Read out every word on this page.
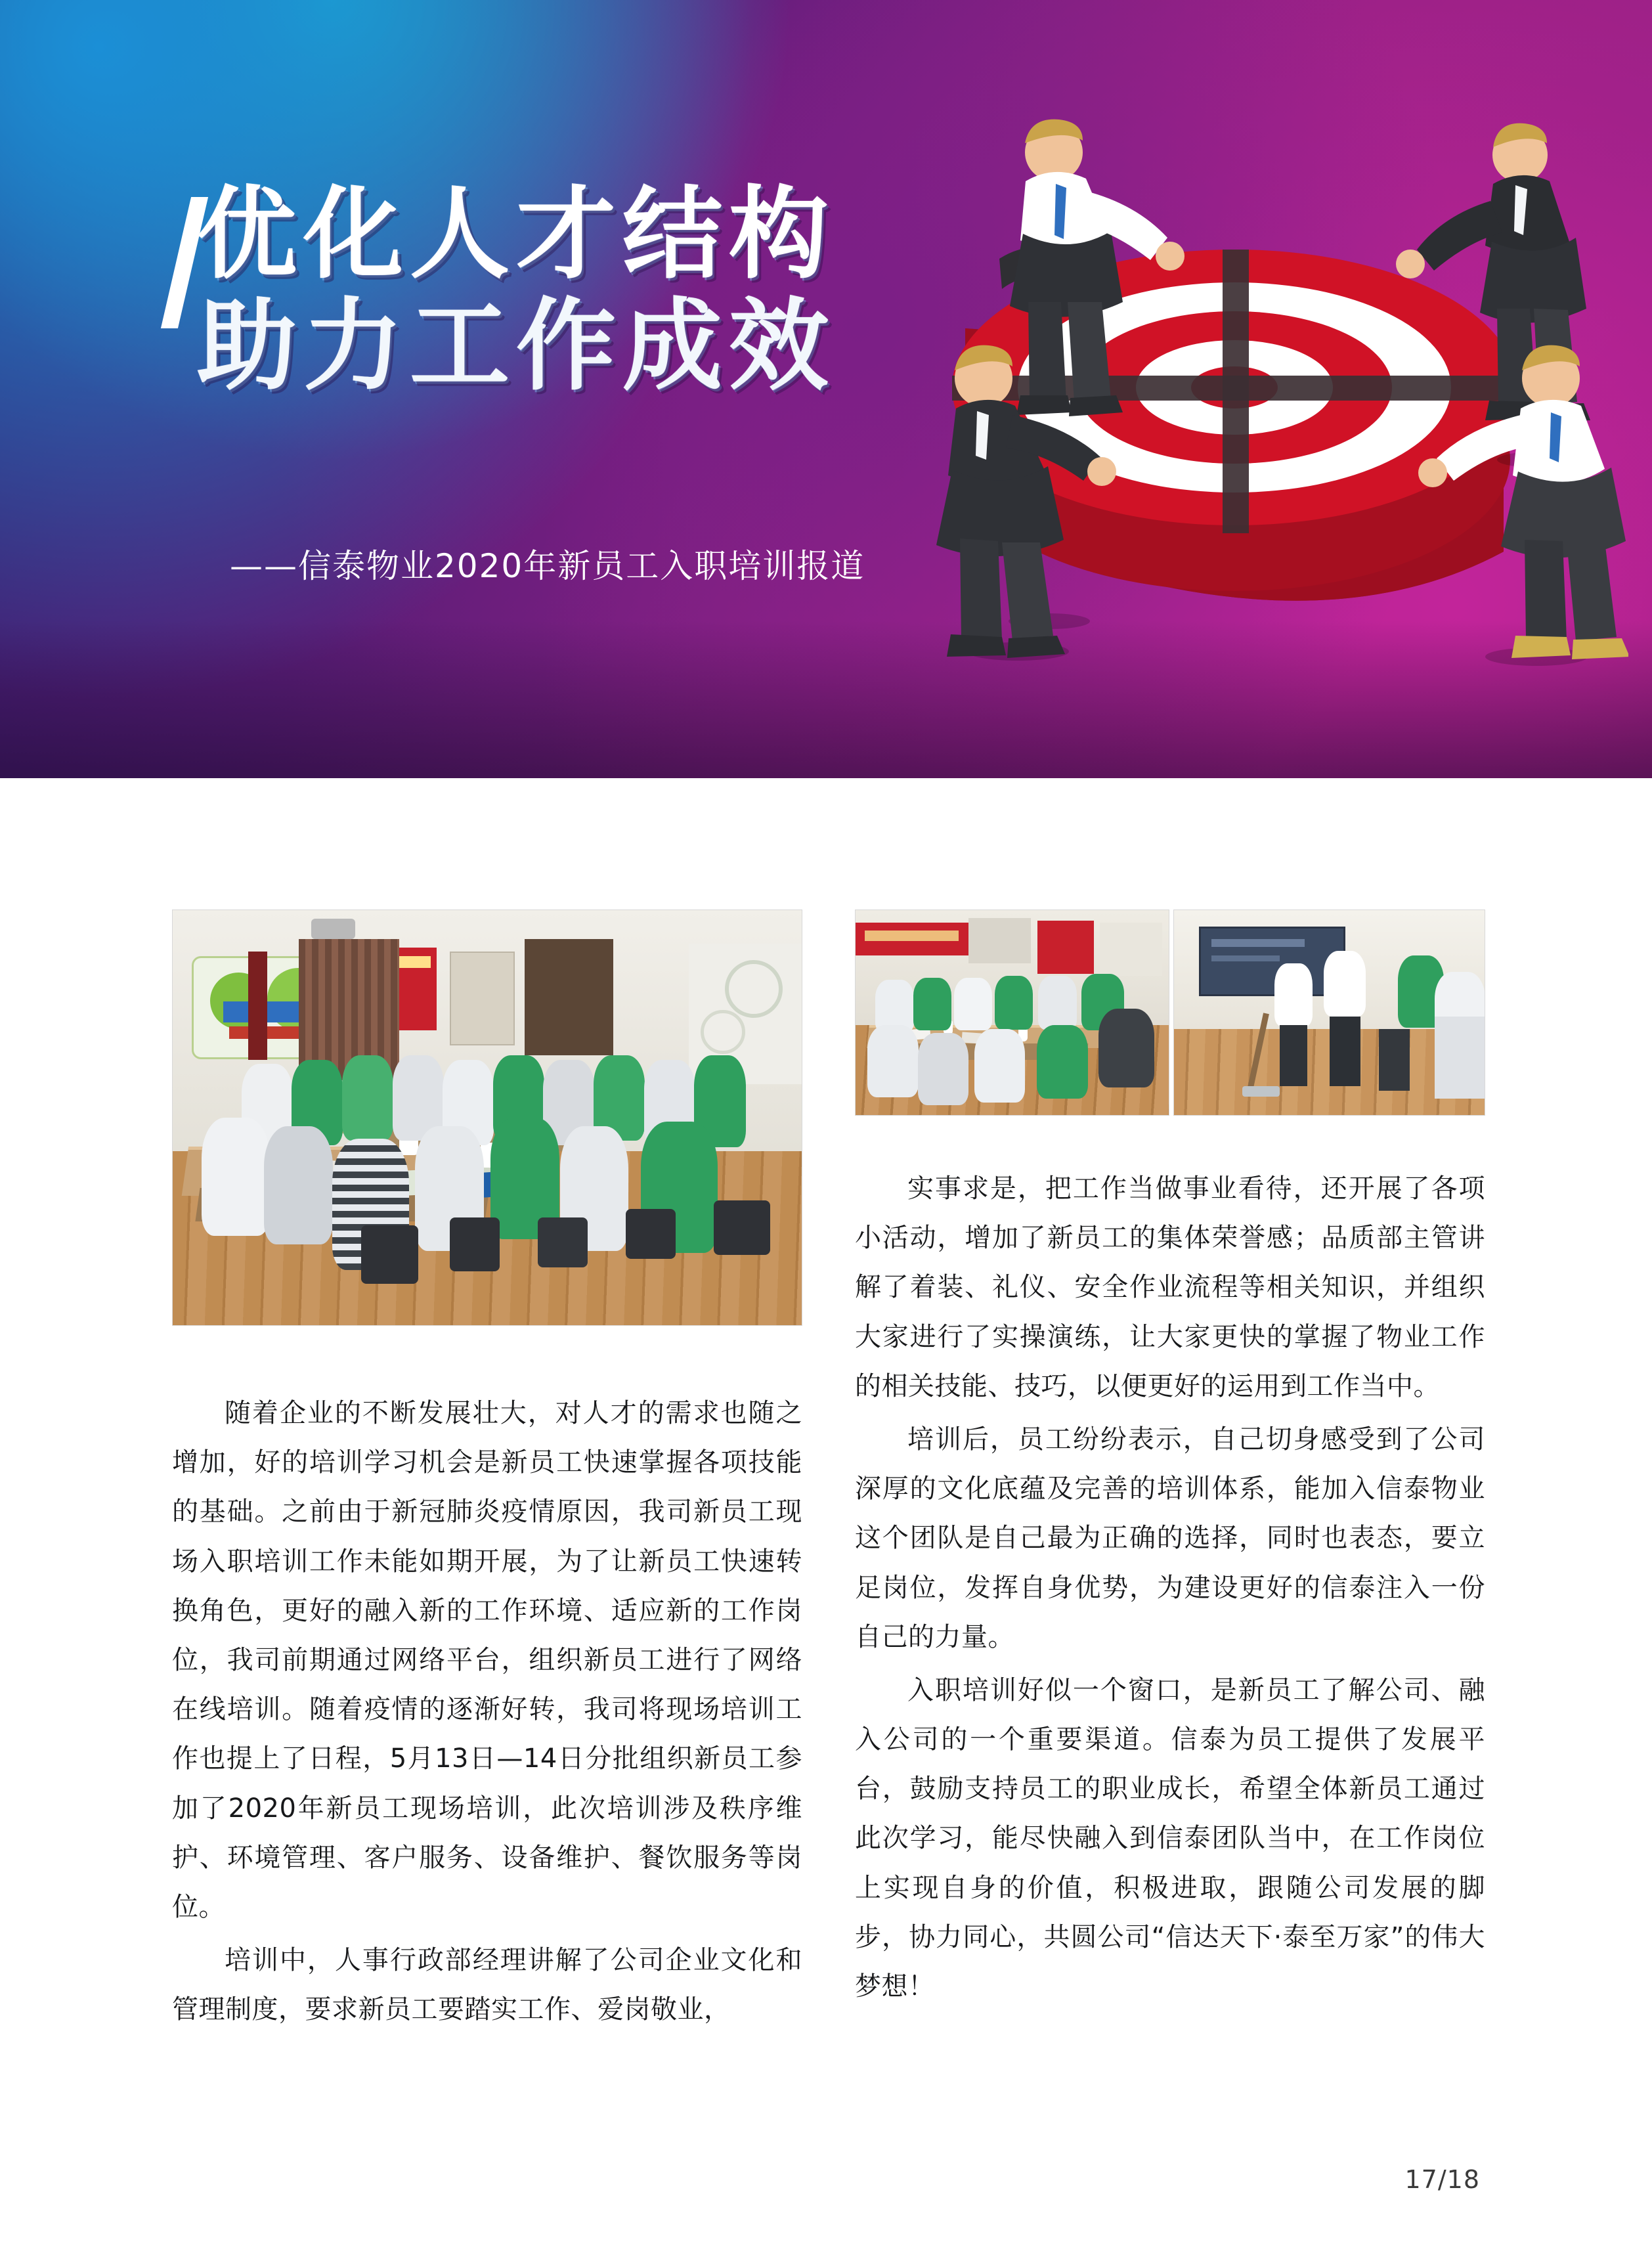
优化人才结构
助力工作成效
——信泰物业2020年新员工入职培训报道

随着企业的不断发展壮大，对人才的需求也随之增加，好的培训学习机会是新员工快速掌握各项技能的基础。之前由于新冠肺炎疫情原因，我司新员工现场入职培训工作未能如期开展，为了让新员工快速转换角色，更好的融入新的工作环境、适应新的工作岗位，我司前期通过网络平台，组织新员工进行了网络在线培训。随着疫情的逐渐好转，我司将现场培训工作也提上了日程，5月13日—14日分批组织新员工参加了2020年新员工现场培训，此次培训涉及秩序维护、环境管理、客户服务、设备维护、餐饮服务等岗位。

培训中，人事行政部经理讲解了公司企业文化和管理制度，要求新员工要踏实工作、爱岗敬业，

实事求是，把工作当做事业看待，还开展了各项小活动，增加了新员工的集体荣誉感；品质部主管讲解了着装、礼仪、安全作业流程等相关知识，并组织大家进行了实操演练，让大家更快的掌握了物业工作的相关技能、技巧，以便更好的运用到工作当中。

培训后，员工纷纷表示，自己切身感受到了公司深厚的文化底蕴及完善的培训体系，能加入信泰物业这个团队是自己最为正确的选择，同时也表态，要立足岗位，发挥自身优势，为建设更好的信泰注入一份自己的力量。

入职培训好似一个窗口，是新员工了解公司、融入公司的一个重要渠道。信泰为员工提供了发展平台，鼓励支持员工的职业成长，希望全体新员工通过此次学习，能尽快融入到信泰团队当中，在工作岗位上实现自身的价值，积极进取，跟随公司发展的脚步，协力同心，共圆公司“信达天下·泰至万家”的伟大梦想！

17/18
